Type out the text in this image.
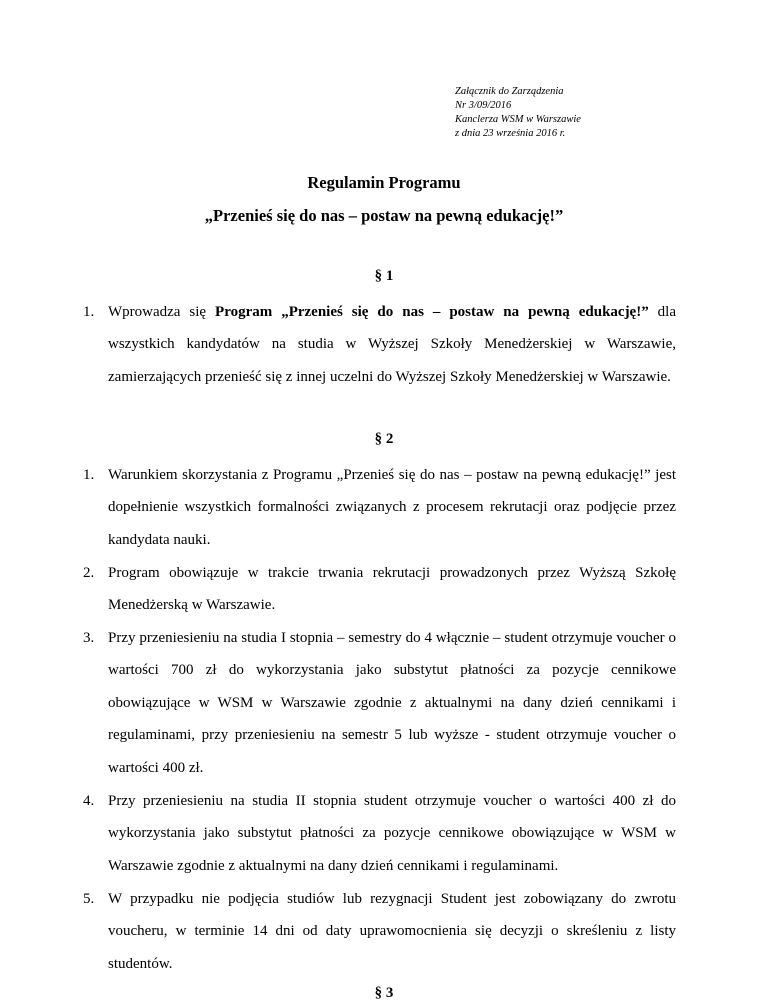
Załącznik do Zarządzenia
Nr 3/09/2016
Kanclerza WSM w Warszawie
z dnia 23 września 2016 r.
Regulamin Programu
„Przenieś się do nas – postaw na pewną edukację!”
§ 1
1. Wprowadza się Program „Przenieś się do nas – postaw na pewną edukację!” dla wszystkich kandydatów na studia w Wyższej Szkoły Menedżerskiej w Warszawie, zamierzających przenieść się z innej uczelni do Wyższej Szkoły Menedżerskiej w Warszawie.

§ 2
1. Warunkiem skorzystania z Programu „Przenieś się do nas – postaw na pewną edukację!” jest dopełnienie wszystkich formalności związanych z procesem rekrutacji oraz podjęcie przez kandydata nauki.

2. Program obowiązuje w trakcie trwania rekrutacji prowadzonych przez Wyższą Szkołę Menedżerską w Warszawie.

3. Przy przeniesieniu na studia I stopnia – semestry do 4 włącznie – student otrzymuje voucher o wartości 700 zł do wykorzystania jako substytut płatności za pozycje cennikowe obowiązujące w WSM w Warszawie zgodnie z aktualnymi na dany dzień cennikami i regulaminami, przy przeniesieniu na semestr 5 lub wyższe - student otrzymuje voucher o wartości 400 zł.

4. Przy przeniesieniu na studia II stopnia student otrzymuje voucher o wartości 400 zł do wykorzystania jako substytut płatności za pozycje cennikowe obowiązujące w WSM w Warszawie zgodnie z aktualnymi na dany dzień cennikami i regulaminami.

5. W przypadku nie podjęcia studiów lub rezygnacji Student jest zobowiązany do zwrotu voucheru, w terminie 14 dni od daty uprawomocnienia się decyzji o skreśleniu z listy studentów.

§ 3
